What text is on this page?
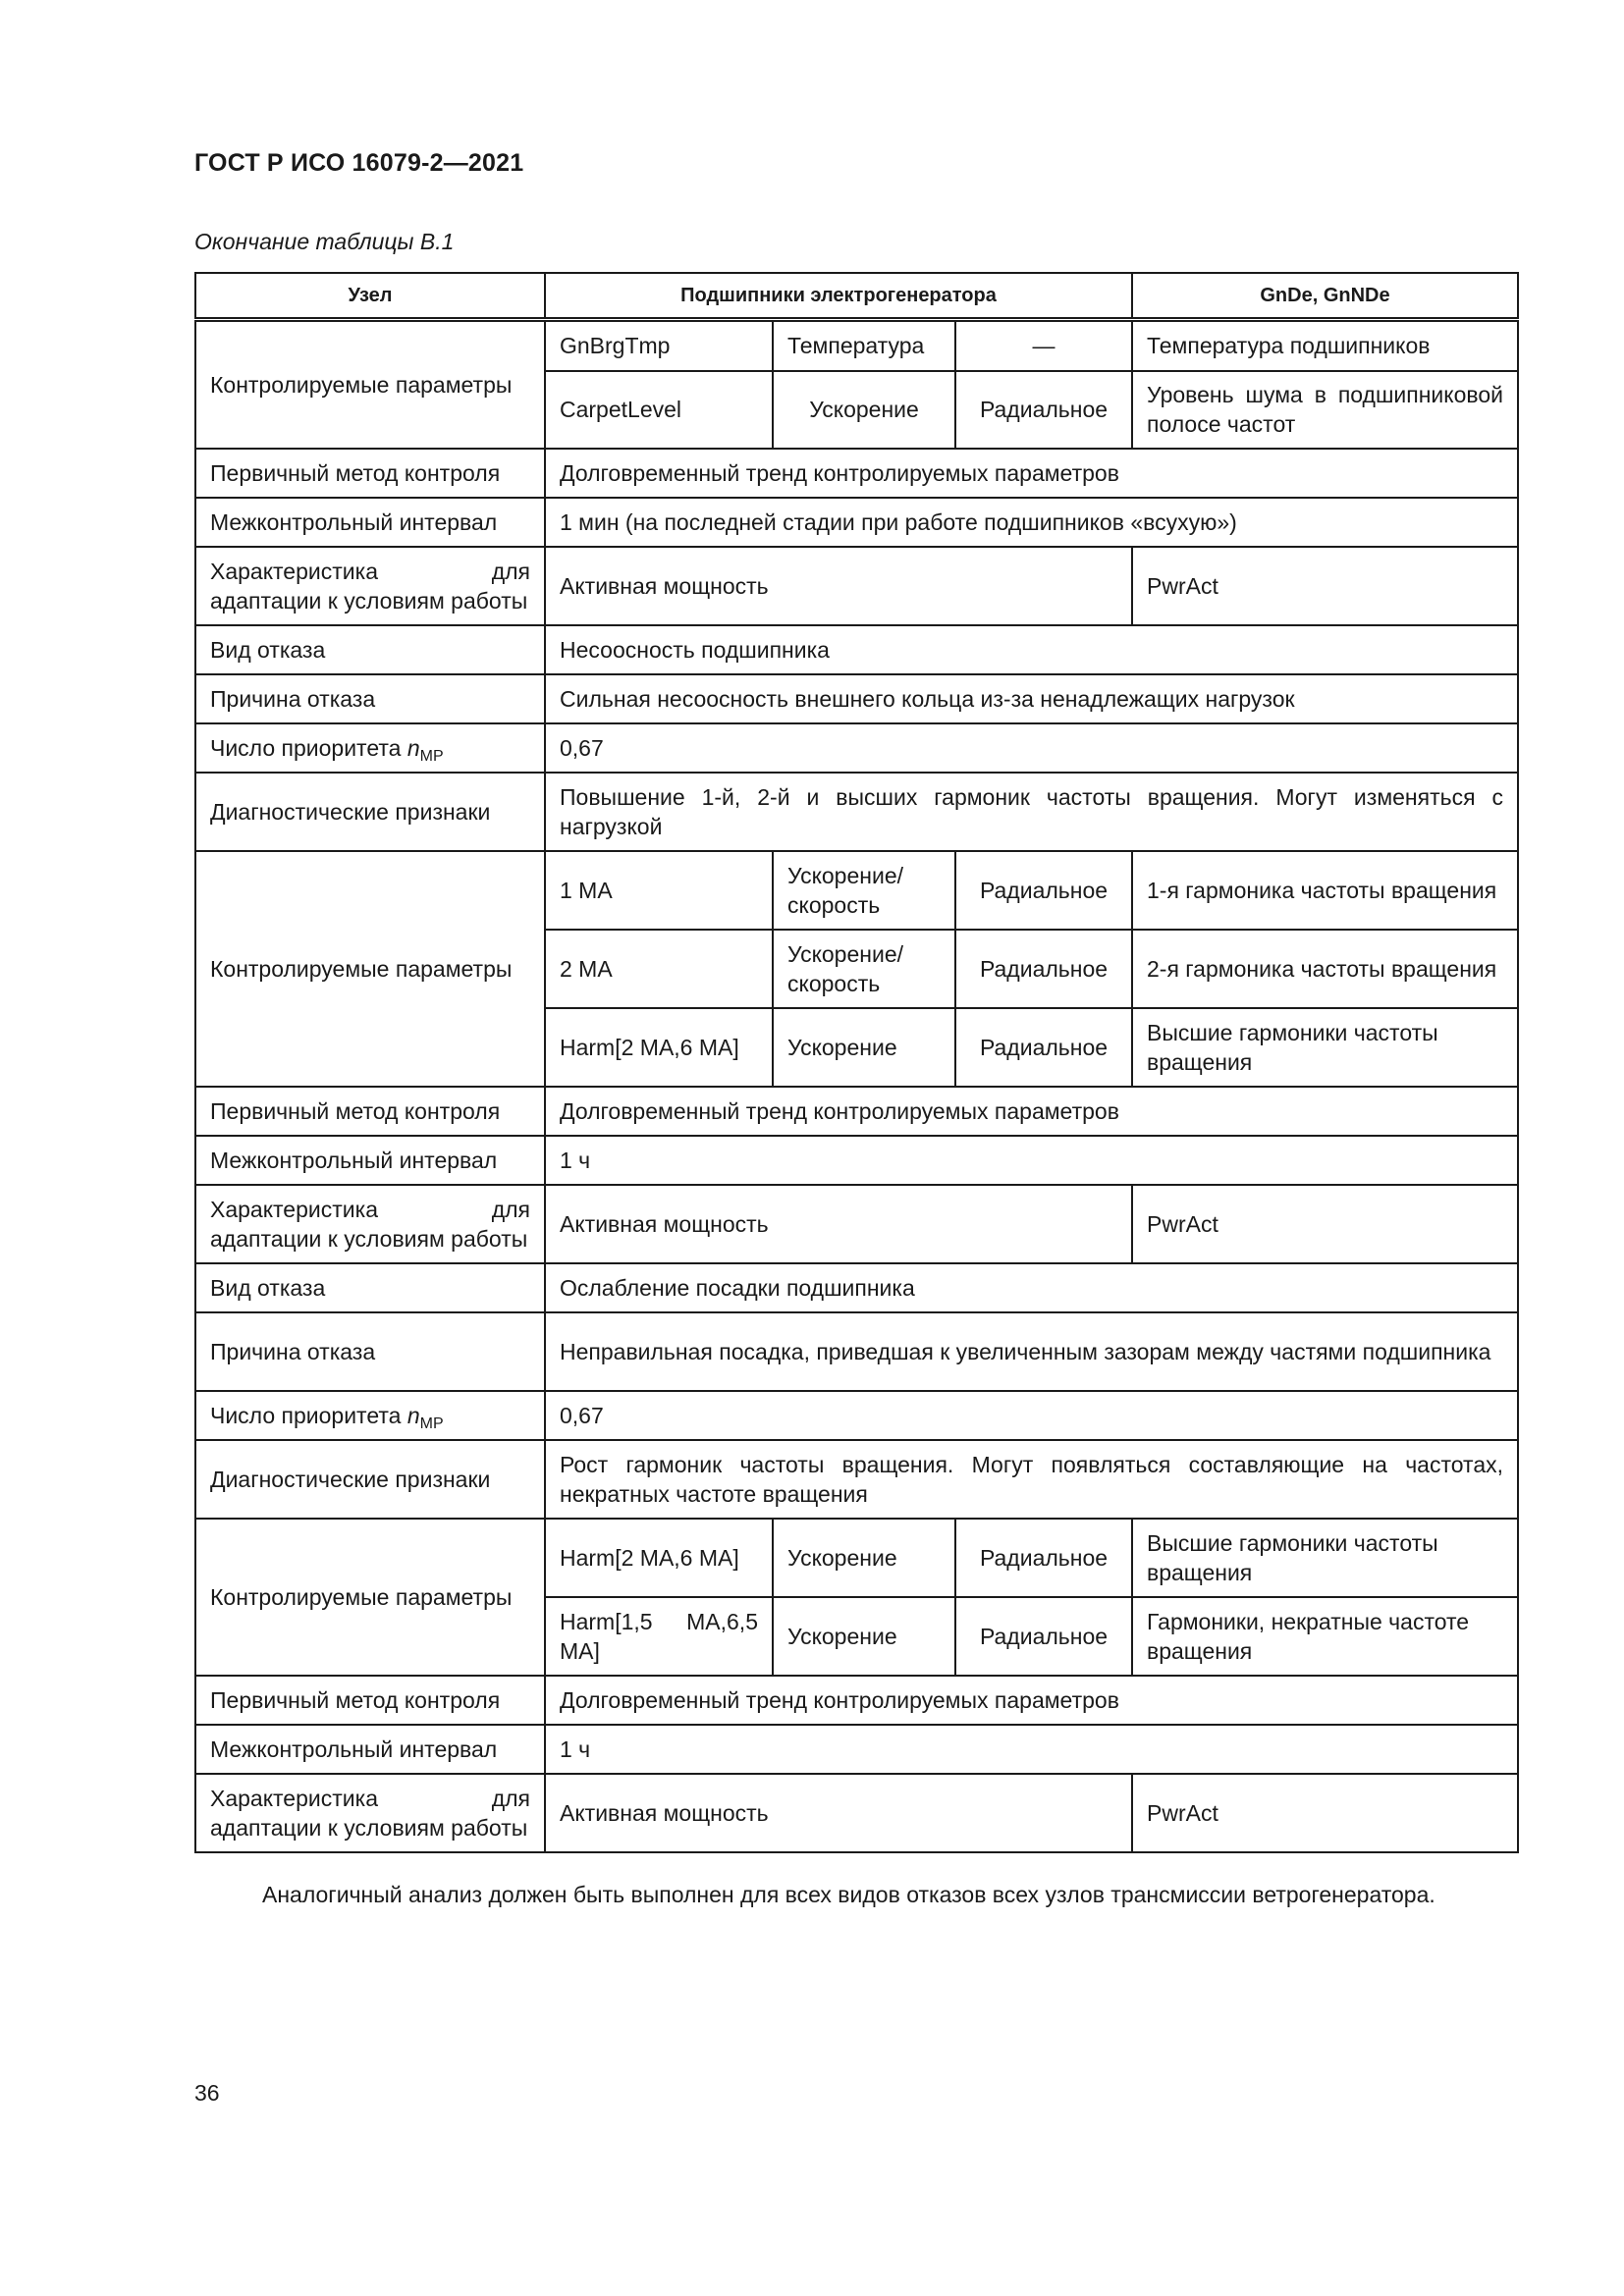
ГОСТ Р ИСО 16079-2—2021
Окончание таблицы B.1
Узел	Подшипники электрогенератора			GnDe, GnNDe
Контролируемые параметры	GnBrgTmp	Температура	—	Температура подшипников
	CarpetLevel	Ускорение	Радиальное	Уровень шума в подшипниковой полосе частот
Первичный метод контроля	Долговременный тренд контролируемых параметров			
Межконтрольный интервал	1 мин (на последней стадии при работе подшипников «всухую»)			
Характеристика для адаптации к условиям работы	Активная мощность			PwrAct
Вид отказа	Несоосность подшипника			
Причина отказа	Сильная несоосность внешнего кольца из-за ненадлежащих нагрузок			
Число приоритета $n_{MP}$	0,67			
Диагностические признаки	Повышение 1-й, 2-й и высших гармоник частоты вращения. Могут изменяться с нагрузкой			
Контролируемые параметры	1 MA	Ускорение/ скорость	Радиальное	1-я гармоника частоты вращения
	2 MA	Ускорение/ скорость	Радиальное	2-я гармоника частоты вращения
	Harm[2 MA,6 MA]	Ускорение	Радиальное	Высшие гармоники частоты вращения
Первичный метод контроля	Долговременный тренд контролируемых параметров			
Межконтрольный интервал	1 ч			
Характеристика для адаптации к условиям работы	Активная мощность			PwrAct
Вид отказа	Ослабление посадки подшипника			
Причина отказа	Неправильная посадка, приведшая к увеличенным зазорам между частями подшипника			
Число приоритета $n_{MP}$	0,67			
Диагностические признаки	Рост гармоник частоты вращения. Могут появляться составляющие на частотах, некратных частоте вращения			
Контролируемые параметры	Harm[2 MA,6 MA]	Ускорение	Радиальное	Высшие гармоники частоты вращения
	Harm[1,5 MA,6,5 MA]	Ускорение	Радиальное	Гармоники, некратные частоте вращения
Первичный метод контроля	Долговременный тренд контролируемых параметров			
Межконтрольный интервал	1 ч			
Характеристика для адаптации к условиям работы	Активная мощность			PwrAct

Аналогичный анализ должен быть выполнен для всех видов отказов всех узлов трансмиссии ветрогенератора.

36
